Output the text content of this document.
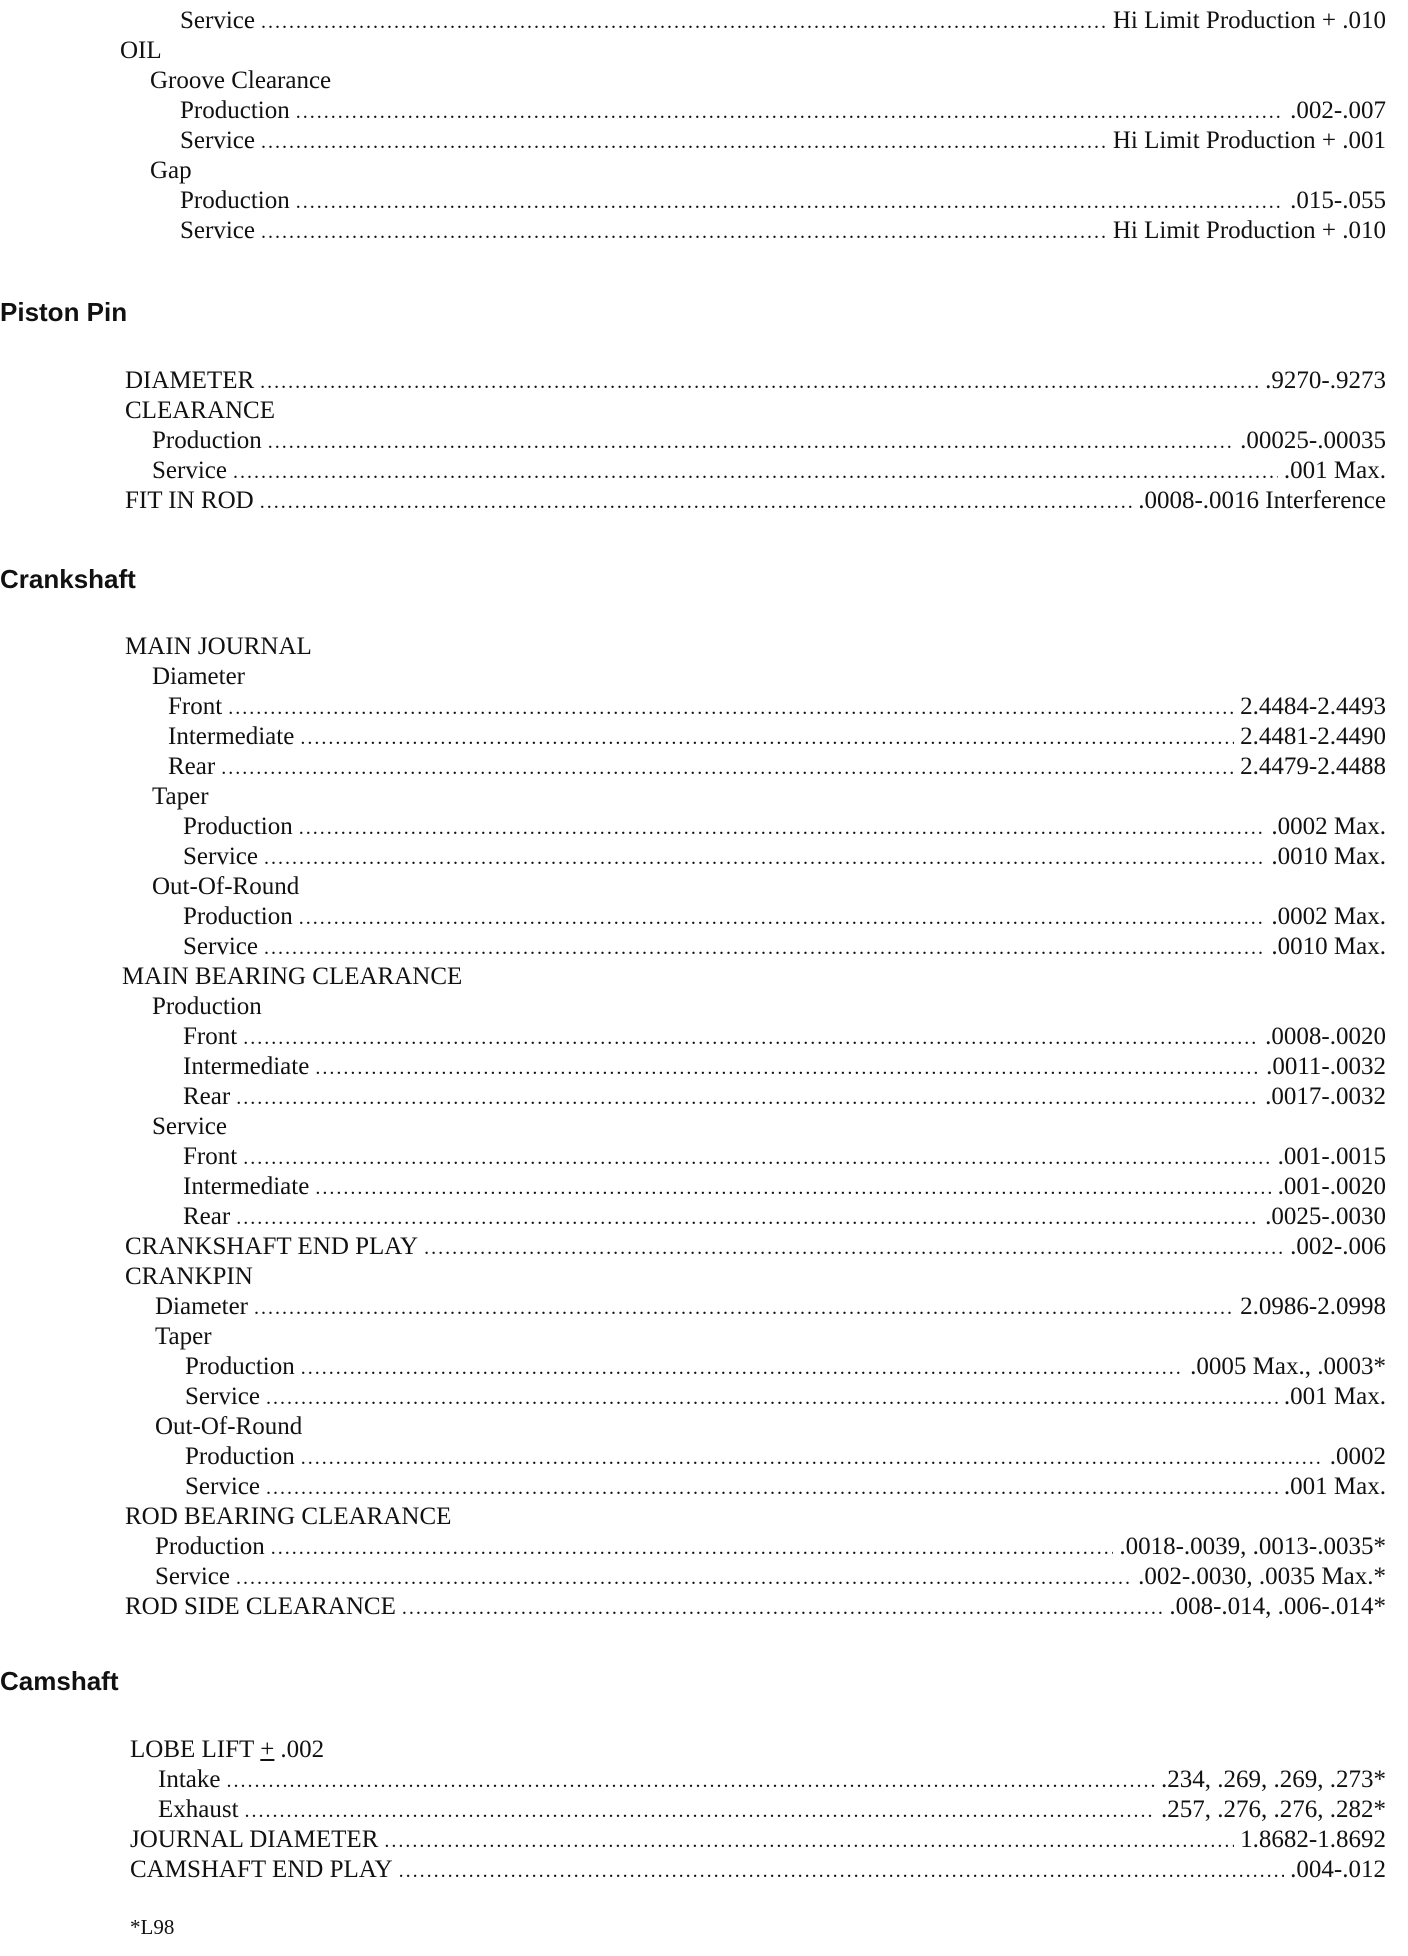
Service .....	Hi Limit Production + .010
OIL
Groove Clearance
Production .....	.002-.007
Service .....	Hi Limit Production + .001
Gap
Production .....	.015-.055
Service .....	Hi Limit Production + .010
Piston Pin
DIAMETER .....	.9270-.9273
CLEARANCE
Production .....	.00025-.00035
Service .....	.001 Max.
FIT IN ROD .....	.0008-.0016 Interference
Crankshaft
MAIN JOURNAL
Diameter
Front .....	2.4484-2.4493
Intermediate .....	2.4481-2.4490
Rear .....	2.4479-2.4488
Taper
Production .....	.0002 Max.
Service .....	.0010 Max.
Out-Of-Round
Production .....	.0002 Max.
Service .....	.0010 Max.
MAIN BEARING CLEARANCE
Production
Front .....	.0008-.0020
Intermediate .....	.0011-.0032
Rear .....	.0017-.0032
Service
Front .....	.001-.0015
Intermediate .....	.001-.0020
Rear .....	.0025-.0030
CRANKSHAFT END PLAY .....	.002-.006
CRANKPIN
Diameter .....	2.0986-2.0998
Taper
Production .....	.0005 Max., .0003*
Service .....	.001 Max.
Out-Of-Round
Production .....	.0002
Service .....	.001 Max.
ROD BEARING CLEARANCE
Production .....	.0018-.0039, .0013-.0035*
Service .....	.002-.0030, .0035 Max.*
ROD SIDE CLEARANCE .....	.008-.014, .006-.014*
Camshaft
LOBE LIFT + .002
Intake .....	.234, .269, .269, .273*
Exhaust .....	.257, .276, .276, .282*
JOURNAL DIAMETER .....	1.8682-1.8692
CAMSHAFT END PLAY .....	.004-.012
*L98
